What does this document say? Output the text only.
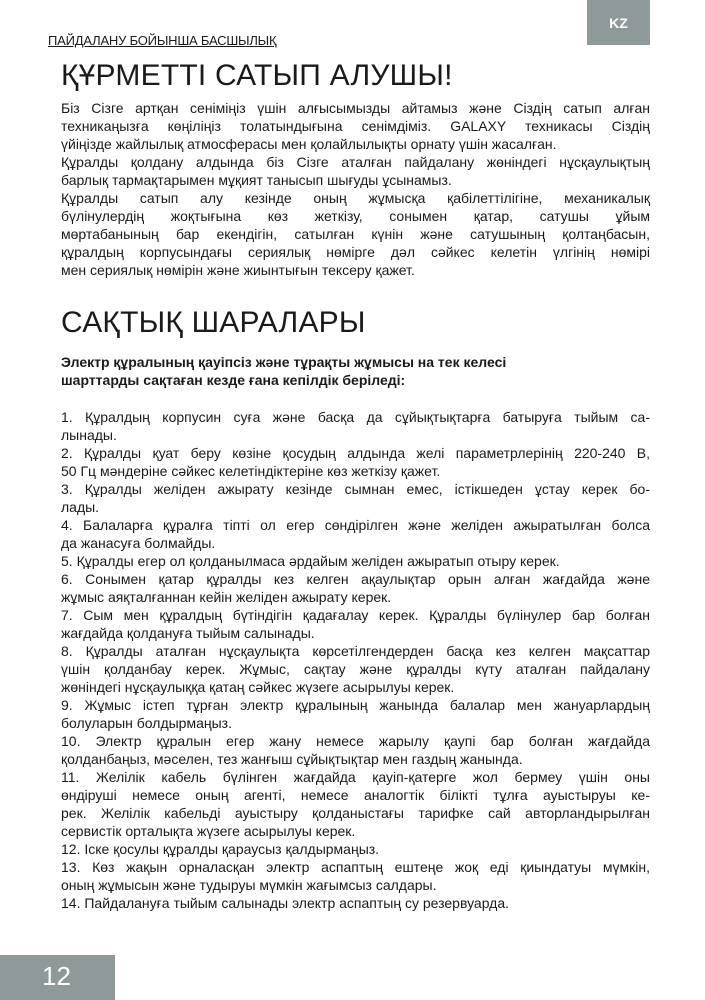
KZ
ПАЙДАЛАНУ БОЙЫНША БАСШЫЛЫҚ
ҚҰРМЕТТІ САТЫП АЛУШЫ!
Біз Сізге артқан сеніміңіз үшін алғысымызды айтамыз және Сіздің сатып алған
техникаңызға көңіліңіз толатындығына сенімдіміз. GALAXY техникасы Сіздің
үйіңізде жайлылық атмосферасы мен қолайлылықты орнату үшін жасалған.
Құралды қолдану алдында біз Сізге аталған пайдалану жөніндегі нұсқаулықтың
барлық тармақтарымен мұқият танысып шығуды ұсынамыз.
Құралды сатып алу кезінде оның жұмысқа қабілеттілігіне, механикалық
бүлінулердің жоқтығына көз жеткізу, сонымен қатар, сатушы ұйым
мөртабанының бар екендігін, сатылған күнін және сатушының қолтаңбасын,
құралдың корпусындағы сериялық нөмірге дәл сәйкес келетін үлгінің нөмірі
мен сериялық нөмірін және жиынтығын тексеру қажет.
САҚТЫҚ ШАРАЛАРЫ
Электр құралының қауіпсіз және тұрақты жұмысы на тек келесі
шарттарды сақтаған кезде ғана кепілдік беріледі:
1. Құралдың корпусин суға және басқа да сұйықтықтарға батыруға тыйым са-
лынады.
2. Құралды қуат беру көзіне қосудың алдында желі параметрлерінің 220-240 В,
50 Гц мәндеріне сәйкес келетіндіктеріне көз жеткізу қажет.
3. Құралды желіден ажырату кезінде сымнан емес, істікшеден ұстау керек бо-
лады.
4. Балаларға құралға тіпті ол егер сөндірілген және желіден ажыратылған болса
да жанасуға болмайды.
5. Құралды егер ол қолданылмаса әрдайым желіден ажыратып отыру керек.
6. Сонымен қатар құралды кез келген ақаулықтар орын алған жағдайда және
жұмыс аяқталғаннан кейін желіден ажырату керек.
7. Сым мен құралдың бүтіндігін қадағалау керек. Құралды бүлінулер бар болған
жағдайда қолдануға тыйым салынады.
8. Құралды аталған нұсқаулықта көрсетілгендерден басқа кез келген мақсаттар
үшін қолданбау керек. Жұмыс, сақтау және құралды күту аталған пайдалану
жөніндегі нұсқаулыққа қатаң сәйкес жүзеге асырылуы керек.
9. Жұмыс істеп тұрған электр құралының жанында балалар мен жануарлардың
болуларын болдырмаңыз.
10. Электр құралын егер жану немесе жарылу қаупі бар болған жағдайда
қолданбаңыз, мәселен, тез жанғыш сұйықтықтар мен газдың жанында.
11. Желілік кабель бүлінген жағдайда қауіп-қатерге жол бермеу үшін оны
өндіруші немесе оның агенті, немесе аналогтік білікті тұлға ауыстыруы ке-
рек. Желілік кабельді ауыстыру қолданыстағы тарифке сай авторландырылған
сервистік орталықта жүзеге асырылуы керек.
12. Іске қосулы құралды қараусыз қалдырмаңыз.
13. Көз жақын орналасқан электр аспаптың ештеңе жоқ еді қиындатуы мүмкін,
оның жұмысын және тудыруы мүмкін жағымсыз салдары.
14. Пайдалануға тыйым салынады электр аспаптың су резервуарда.
12
